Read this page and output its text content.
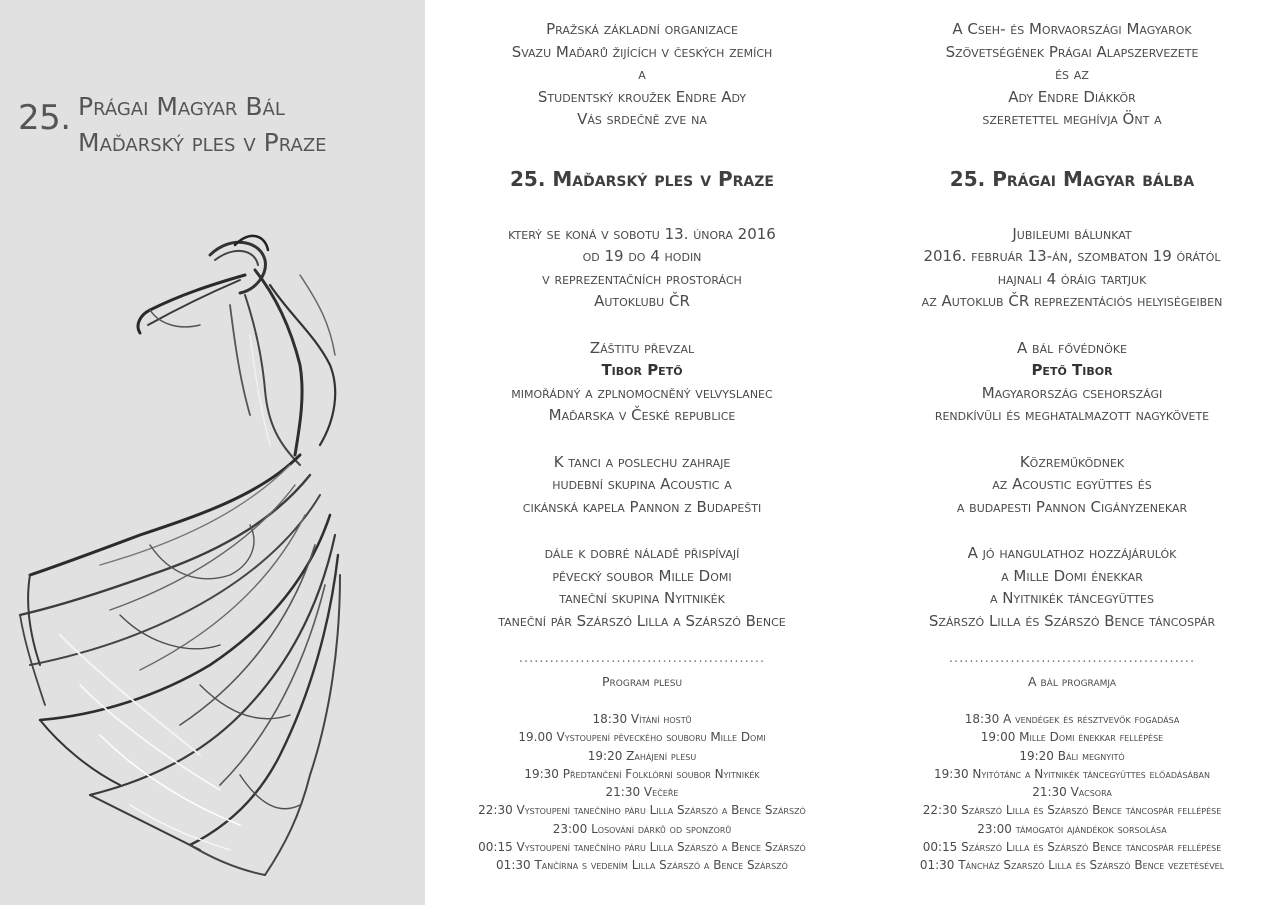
25. Prágai Magyar Bál
Maďarský ples v Praze
Pražská základní organizace
Svazu Maďarů žijících v českých zemích
a
Studentský kroužek Endre Ady
Vás srdečně zve na
25. Maďarský ples v Praze
který se koná v sobotu 13. února 2016
od 19 do 4 hodin
v reprezentačních prostorách
Autoklubu ČR
Záštitu převzal
Tibor Pető
mimořádný a zplnomocněný velvyslanec
Maďarska v České republice
K tanci a poslechu zahraje
hudební skupina Acoustic a
cikánská kapela Pannon z Budapešti
dále k dobré náladě přispívají
pěvecký soubor Mille Domi
taneční skupina Nyitnikék
taneční pár Szárszó Lilla a Szárszó Bence
................................................
Program plesu
18:30 Vítání hostů
19.00 Vystoupení pěveckého souboru Mille Domi
19:20 Zahájení plesu
19:30 Předtančení Folklórní soubor Nyitnikék
21:30 Večeře
22:30 Vystoupení tanečního páru Lilla Szárszó a Bence Szárszó
23:00 Losování dárků od sponzorů
00:15 Vystoupení tanečního páru Lilla Szárszó a Bence Szárszó
01:30 Tančírna s vedením Lilla Szárszó a Bence Szárszó
A Cseh- és Morvaországi Magyarok
Szövetségének Prágai Alapszervezete
és az
Ady Endre Diákkör
szeretettel meghívja Önt a
25. Prágai Magyar bálba
Jubileumi bálunkat
2016. február 13-án, szombaton 19 órától
hajnali 4 óráig tartjuk
az Autoklub ČR reprezentációs helyiségeiben
A bál fővédnöke
Pető Tibor
Magyarország csehországi
rendkívüli és meghatalmazott nagykövete
Közreműködnek
az Acoustic együttes és
a budapesti Pannon Cigányzenekar
A jó hangulathoz hozzájárulók
a Mille Domi énekkar
a Nyitnikék táncegyüttes
Szárszó Lilla és Szárszó Bence táncospár
................................................
A bál programja
18:30 A vendégek és résztvevők fogadása
19:00 Mille Domi énekkar fellépése
19:20 Báli megnyitó
19:30 Nyitótánc a Nyitnikék táncegyüttes előadásában
21:30 Vacsora
22:30 Szárszó Lilla és Szárszó Bence táncospár fellépése
23:00 támogatói ajándékok sorsolása
00:15 Szárszó Lilla és Szárszó Bence táncospár fellépése
01:30 Táncház Szarszó Lilla és Szárszó Bence vezetésével
